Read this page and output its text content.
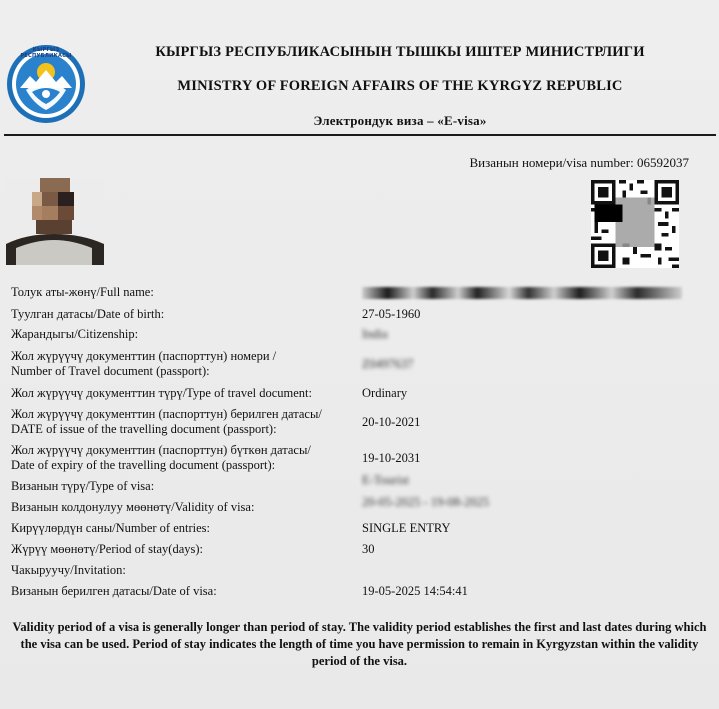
КЫРГЫЗ РЕСПУБЛИКАСЫ	КЫРГЫЗ РЕСПУБЛИКАСЫНЫН ТЫШКЫ ИШТЕР МИНИСТРЛИГИ
MINISTRY OF FOREIGN AFFAIRS OF THE KYRGYZ REPUBLIC
Электрондук виза – «E-visa»
Визанын номери/visa number: 06592037
Толук аты-жөнү/Full name:
Туулган датасы/Date of birth:	27-05-1960
Жарандыгы/Citizenship:	India
Жол жүрүүчү документтин (паспорттун) номери /
Number of Travel document (passport):	Z0497637
Жол жүрүүчү документтин түрү/Type of travel document:	Ordinary
Жол жүрүүчү документтин (паспорттун) берилген датасы/
DATE of issue of the travelling document (passport):	20-10-2021
Жол жүрүүчү документтин (паспорттун) бүткөн датасы/
Date of expiry of the travelling document (passport):	19-10-2031
Визанын түрү/Type of visa:	E-Tourist
Визанын колдонулуу мөөнөтү/Validity of visa:	20-05-2025 - 19-08-2025
Кирүүлөрдүн саны/Number of entries:	SINGLE ENTRY
Жүрүү мөөнөтү/Period of stay(days):	30
Чакыруучу/Invitation:
Визанын берилген датасы/Date of visa:	19-05-2025 14:54:41
Validity period of a visa is generally longer than period of stay. The validity period establishes the first and last dates during which the visa can be used. Period of stay indicates the length of time you have permission to remain in Kyrgyzstan within the validity period of the visa.
